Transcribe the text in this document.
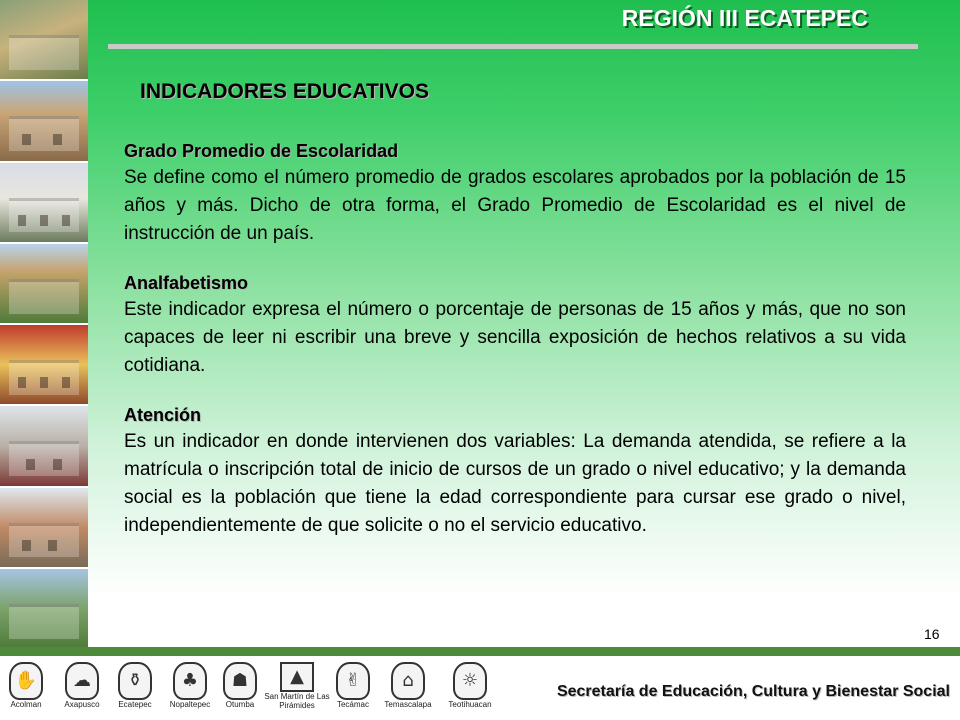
REGIÓN III ECATEPEC
INDICADORES EDUCATIVOS
Grado Promedio de Escolaridad
Se define como el número promedio de grados escolares aprobados por la población de 15 años y más. Dicho de otra forma, el Grado Promedio de Escolaridad es el nivel de instrucción de un país.
Analfabetismo
Este indicador expresa el número o porcentaje de personas de 15 años y más, que no son capaces de leer ni escribir una breve y sencilla exposición de hechos relativos a su vida cotidiana.
Atención
Es un indicador en donde intervienen dos variables: La demanda atendida, se refiere a la matrícula o inscripción total de inicio de cursos de un grado o nivel educativo; y la demanda social es la población que tiene la edad correspondiente para cursar ese grado o nivel, independientemente de que solicite o no el servicio educativo.
16
✋
Acolman
☁
Axapusco
⚱
Ecatepec
♣
Nopaltepec
☗
Otumba
▲
San Martín de Las Pirámides
✌
Tecámac
⌂
Temascalapa
☼
Teotihuacan
Secretaría de Educación, Cultura y Bienestar Social
